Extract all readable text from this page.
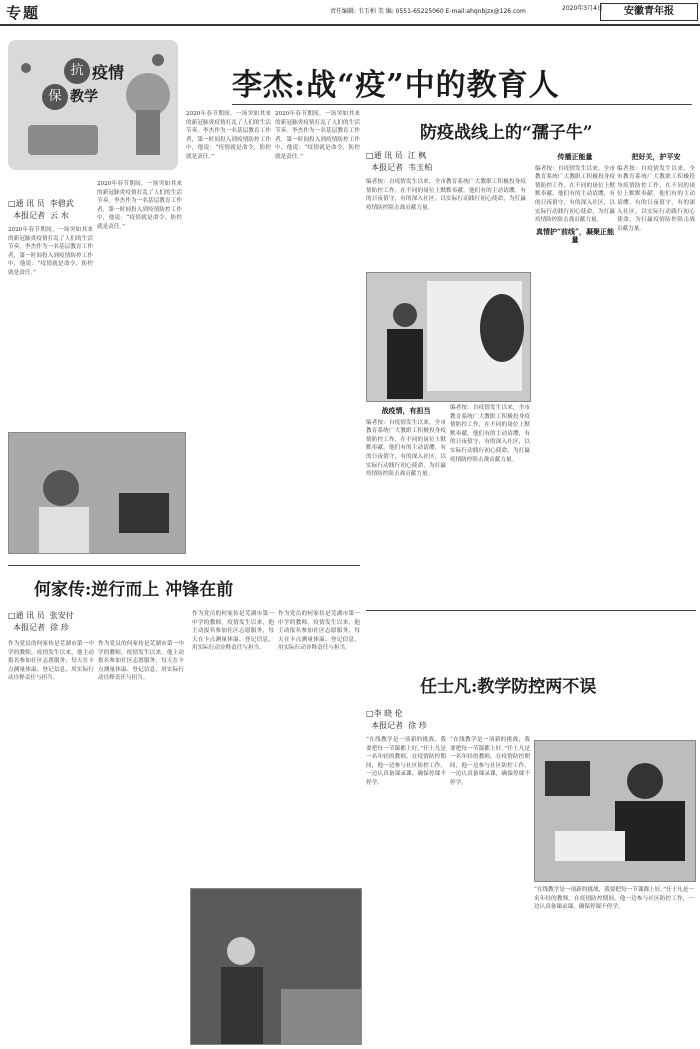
专题	责任编辑: 韦玉柏 美 编: 0551-65225060 E-mail:ahqnbjzx@126.com	2020年3月4日	安徽青年报
抗 疫情
保 教学	李杰:战“疫”中的教育人
□通 讯 员  李碧武
本报记者  云 水
2020年春节期间，一场突如其来的新冠肺炎疫情打乱了人们的生活节奏。李杰作为一名基层教育工作者，第一时间投入到疫情防控工作中，他说：“疫情就是命令，防控就是责任。”
2020年春节期间，一场突如其来的新冠肺炎疫情打乱了人们的生活节奏。李杰作为一名基层教育工作者，第一时间投入到疫情防控工作中，他说：“疫情就是命令，防控就是责任。”
2020年春节期间，一场突如其来的新冠肺炎疫情打乱了人们的生活节奏。李杰作为一名基层教育工作者，第一时间投入到疫情防控工作中，他说：“疫情就是命令，防控就是责任。”
2020年春节期间，一场突如其来的新冠肺炎疫情打乱了人们的生活节奏。李杰作为一名基层教育工作者，第一时间投入到疫情防控工作中，他说：“疫情就是命令，防控就是责任。”
防疫战线上的“孺子牛”
□通 讯 员  江 枫
本报记者  韦玉柏
编者按：自疫情发生以来，全市教育系统广大教职工积极投身疫情防控工作，在不同的岗位上默默奉献。他们有的主动请缨，有的日夜值守，有的深入社区，以实际行动践行初心使命，为打赢疫情防控阻击战贡献力量。
战疫情，有担当
编者按：自疫情发生以来，全市教育系统广大教职工积极投身疫情防控工作，在不同的岗位上默默奉献。他们有的主动请缨，有的日夜值守，有的深入社区，以实际行动践行初心使命，为打赢疫情防控阻击战贡献力量。
编者按：自疫情发生以来，全市教育系统广大教职工积极投身疫情防控工作，在不同的岗位上默默奉献。他们有的主动请缨，有的日夜值守，有的深入社区，以实际行动践行初心使命，为打赢疫情防控阻击战贡献力量。
传播正能量
编者按：自疫情发生以来，全市教育系统广大教职工积极投身疫情防控工作，在不同的岗位上默默奉献。他们有的主动请缨，有的日夜值守，有的深入社区，以实际行动践行初心使命，为打赢疫情防控阻击战贡献力量。
真情护“前线”，凝聚正能量
把好关，护平安
编者按：自疫情发生以来，全市教育系统广大教职工积极投身疫情防控工作，在不同的岗位上默默奉献。他们有的主动请缨，有的日夜值守，有的深入社区，以实际行动践行初心使命，为打赢疫情防控阻击战贡献力量。
何家传:逆行而上 冲锋在前
□通 讯 员  张安付
本报记者  徐 珍
作为党员的何家传是芜湖市第一中学的教师，疫情发生以来，他主动报名参加社区志愿服务，每天在卡点测量体温、登记信息，用实际行动诠释责任与担当。
作为党员的何家传是芜湖市第一中学的教师，疫情发生以来，他主动报名参加社区志愿服务，每天在卡点测量体温、登记信息，用实际行动诠释责任与担当。
作为党员的何家传是芜湖市第一中学的教师，疫情发生以来，他主动报名参加社区志愿服务，每天在卡点测量体温、登记信息，用实际行动诠释责任与担当。
作为党员的何家传是芜湖市第一中学的教师，疫情发生以来，他主动报名参加社区志愿服务，每天在卡点测量体温、登记信息，用实际行动诠释责任与担当。
任士凡:教学防控两不误
□李 晓 伦
本报记者  徐 珍
“在线教学是一项新的挑战，我要把每一节课都上好。”任士凡是一名年轻的教师，在疫情防控期间，他一边参与社区防控工作，一边认真备课录课，确保停课不停学。
“在线教学是一项新的挑战，我要把每一节课都上好。”任士凡是一名年轻的教师，在疫情防控期间，他一边参与社区防控工作，一边认真备课录课，确保停课不停学。
“在线教学是一项新的挑战，我要把每一节课都上好。”任士凡是一名年轻的教师，在疫情防控期间，他一边参与社区防控工作，一边认真备课录课，确保停课不停学。
